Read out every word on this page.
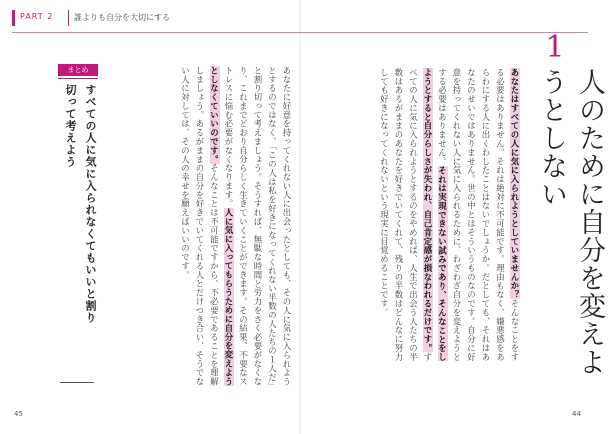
PART 2	誰よりも自分を大切にする
1
人のために自分を変えようとしない
あなたはすべての人に気に入られようとしていませんか？そんなことをする必要はありません。それは絶対に不可能です。理由もなく、嫌悪感をあらわにする人に出くわしたことはないでしょうか。だとしても、それはあなたのせいではありません。世の中とはそういうものなのです。自分に好意を持ってくれない人に気に入られるために、わざわざ自分を変えようとする必要はありません。それは実現できない試みであり、そんなことをしようとすると自分らしさが失われ、自己肯定感が損なわれるだけです。すべての人に気に入られようとするのをやめれば、人生で出会う人たちの半数はあるがままのあなたを好きでいてくれて、残りの半数はどんなに努力しても好きになってくれないという現実に目覚めることです。
あなたに好意を持ってくれない人に出会ったとしても、その人に気に入られようとするのではなく、「この人は私を好きになってくれない半数の人たちの１人だ」と割り切って考えましょう。そうすれば、無駄な時間と労力をさく必要がなくなり、これまでどおり自分らしく生きていくことができます。その結果、不要なストレスに悩む必要がなくなります。人に気に入ってもらうために自分を変えようとしなくていいのです。そんなことは不可能ですから、不必要であることを理解しましょう。あるがままの自分を好きでいてくれる人とだけつき合い、そうでない人に対しては、その人の幸せを願えばいいのです。
まとめ
すべての人に気に入られなくてもいいと割り切って考えよう
45	44
